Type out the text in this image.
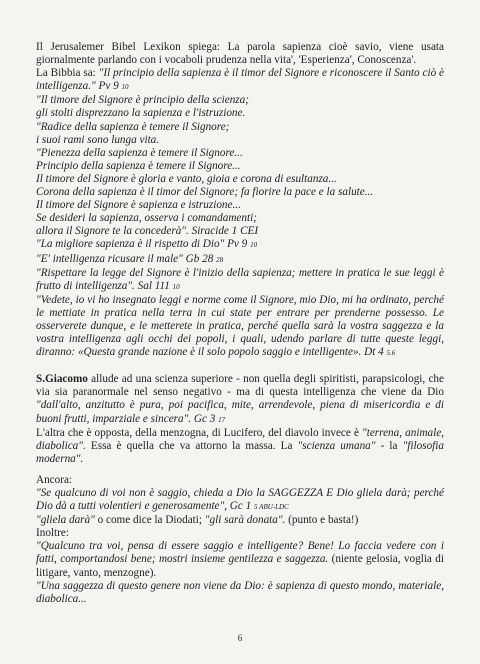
Il Jerusalemer Bibel Lexikon spiega: La parola sapienza cioè savio, viene usata giornalmente parlando con i vocaboli prudenza nella vita', 'Esperienza', Conoscenza'.

La Bibbia sa: "Il principio della sapienza è il timor del Signore e riconoscere il Santo ciò è intelligenza." Pv 9 10

"Il timore del Signore è principio della scienza;
gli stolti disprezzano la sapienza e l'istruzione.
"Radice della sapienza è temere il Signore;
i suoi rami sono lunga vita.
"Pienezza della sapienza è temere il Signore...
Principio della sapienza è temere il Signore...
Il timore del Signore è gloria e vanto, gioia e corona di esultanza...
Corona della sapienza è il timor del Signore; fa fiorire la pace e la salute...
Il timore del Signore è sapienza e istruzione...
Se desideri la sapienza, osserva i comandamenti;
allora il Signore te la concederà". Siracide 1 CEI
"La migliore sapienza è il rispetto di Dio" Pv 9 10
"E' intelligenza ricusare il male" Gb 28 28

"Rispettare la legge del Signore è l'inizio della sapienza; mettere in pratica le sue leggi è frutto di intelligenza". Sal 111 10

"Vedete, io vi ho insegnato leggi e norme come il Signore, mio Dio, mi ha ordinato, perché le mettiate in pratica nella terra in cui state per entrare per prenderne possesso. Le osserverete dunque, e le metterete in pratica, perché quella sarà la vostra saggezza e la vostra intelligenza agli occhi dei popoli, i quali, udendo parlare di tutte queste leggi, diranno: «Questa grande nazione è il solo popolo saggio e intelligente». Dt 4 5.6

S.Giacomo allude ad una scienza superiore - non quella degli spiritisti, parapsicologi, che via sia paranormale nel senso negativo - ma di questa intelligenza che viene da Dio "dall'alto, anzitutto è pura, poi pacifica, mite, arrendevole, piena di misericordia e di buoni frutti, imparziale e sincera". Gc 3 17

L'altra che è opposta, della menzogna, di Lucifero, del diavolo invece è "terrena, animale, diabolica". Essa è quella che va attorno la massa. La "scienza umana" - la "filosofia moderna".

Ancora:

"Se qualcuno di voi non è saggio, chieda a Dio la SAGGEZZA E Dio gliela darà; perché Dio dà a tutti volentieri e generosamente", Gc 1 5 ABU-LDC

"gliela darà" o come dice la Diodati; "gli sarà donata". (punto e basta!)

Inoltre:

"Qualcuno tra voi, pensa di essere saggio e intelligente? Bene! Lo faccia vedere con i fatti, comportandosi bene; mostri insieme gentilezza e saggezza. (niente gelosia, voglia di litigare, vanto, menzogne).

"Una saggezza di questo genere non viene da Dio: è sapienza di questo mondo, materiale, diabolica...

6
